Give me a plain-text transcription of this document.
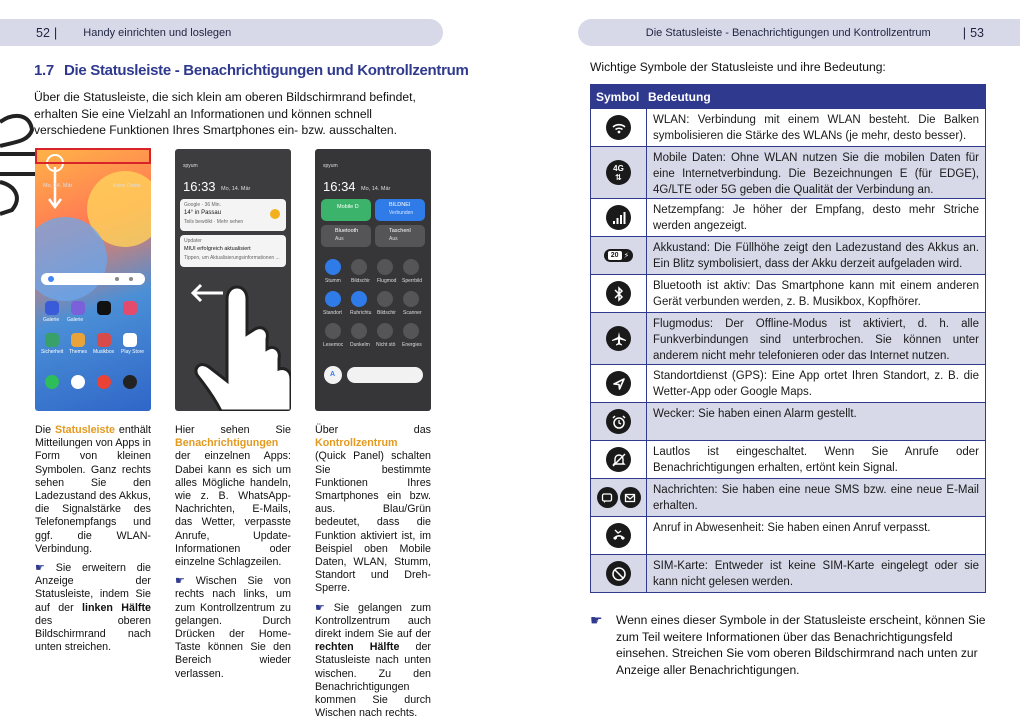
52 | Handy einrichten und loslegen
1.7 Die Statusleiste - Benachrichtigungen und Kontrollzentrum

Über die Statusleiste, die sich klein am oberen Bildschirmrand befindet, erhalten Sie eine Vielzahl an Informationen und können schnell verschiedene Funktionen Ihres Smartphones ein- bzw. ausschalten.

Mo, 14. Mär	Keine Daten
Galerie Galerie
Sicherheit Themes Musikbox Play Store
spyum
16:33 Mo, 14. Mär
Google · 36 Min.
14° in Passau
Teils bewölkt · Mehr sehen
Updater
MIUI erfolgreich aktualisiert
Tippen, um Aktualisierungsinformationen ...
spyum
16:34 Mo, 14. Mär
Mobile D	BILDNEI
Verbunden
Bluetooth
Aus
Taschenl
Aus
Stumm Bildschir Flugmod Sperrbild
Standort Ruhrichtu Bildschir Scanner
Lesemoc Dunkelm Nicht stö Energies
A

Die Statusleiste enthält Mitteilungen von Apps in Form von kleinen Symbolen. Ganz rechts sehen Sie den Ladezustand des Akkus, die Signalstärke des Telefonempfangs und ggf. die WLAN-Verbindung.

☛ Sie erweitern die Anzeige der Statusleiste, indem Sie auf der linken Hälfte des oberen Bildschirmrand nach unten streichen.

Hier sehen Sie Benachrichtigungen der einzelnen Apps: Dabei kann es sich um alles Mögliche handeln, wie z. B. WhatsApp-Nachrichten, E-Mails, das Wetter, verpasste Anrufe, Update-Informationen oder einzelne Schlagzeilen.

☛ Wischen Sie von rechts nach links, um zum Kontrollzentrum zu gelangen. Durch Drücken der Home-Taste können Sie den Bereich wieder verlassen.

Über das Kontrollzentrum (Quick Panel) schalten Sie bestimmte Funktionen Ihres Smartphones ein bzw. aus. Blau/Grün bedeutet, dass die Funktion aktiviert ist, im Beispiel oben Mobile Daten, WLAN, Stumm, Standort und Dreh-Sperre.

☛ Sie gelangen zum Kontrollzentrum auch direkt indem Sie auf der rechten Hälfte der Statusleiste nach unten wischen. Zu den Benachrichtigungen kommen Sie durch Wischen nach rechts.

Die Statusleiste - Benachrichtigungen und Kontrollzentrum | 53

Wichtige Symbole der Statusleiste und ihre Bedeutung:

Symbol Bedeutung
WLAN: Verbindung mit einem WLAN besteht. Die Balken symbolisieren die Stärke des WLANs (je mehr, desto besser).
4G
⇅
Mobile Daten: Ohne WLAN nutzen Sie die mobilen Daten für eine Internetverbindung. Die Bezeichnungen E (für EDGE), 4G/LTE oder 5G geben die Qualität der Verbindung an.
Netzempfang: Je höher der Empfang, desto mehr Striche werden angezeigt.
20 ⚡
Akkustand: Die Füllhöhe zeigt den Ladezustand des Akkus an. Ein Blitz symbolisiert, dass der Akku derzeit aufgeladen wird.
Bluetooth ist aktiv: Das Smartphone kann mit einem anderen Gerät verbunden werden, z. B. Musikbox, Kopfhörer.
Flugmodus: Der Offline-Modus ist aktiviert, d. h. alle Funkverbindungen sind unterbrochen. Sie können unter anderem nicht mehr telefonieren oder das Internet nutzen.
Standortdienst (GPS): Eine App ortet Ihren Standort, z. B. die Wetter-App oder Google Maps.
Wecker: Sie haben einen Alarm gestellt.
Lautlos ist eingeschaltet. Wenn Sie Anrufe oder Benachrichtigungen erhalten, ertönt kein Signal.
Nachrichten: Sie haben eine neue SMS bzw. eine neue E-Mail erhalten.
Anruf in Abwesenheit: Sie haben einen Anruf verpasst.
SIM-Karte: Entweder ist keine SIM-Karte eingelegt oder sie kann nicht gelesen werden.
☛	Wenn eines dieser Symbole in der Statusleiste erscheint, können Sie zum Teil weitere Informationen über das Benachrichtigungsfeld einsehen. Streichen Sie vom oberen Bildschirmrand nach unten zur Anzeige aller Benachrichtigungen.
